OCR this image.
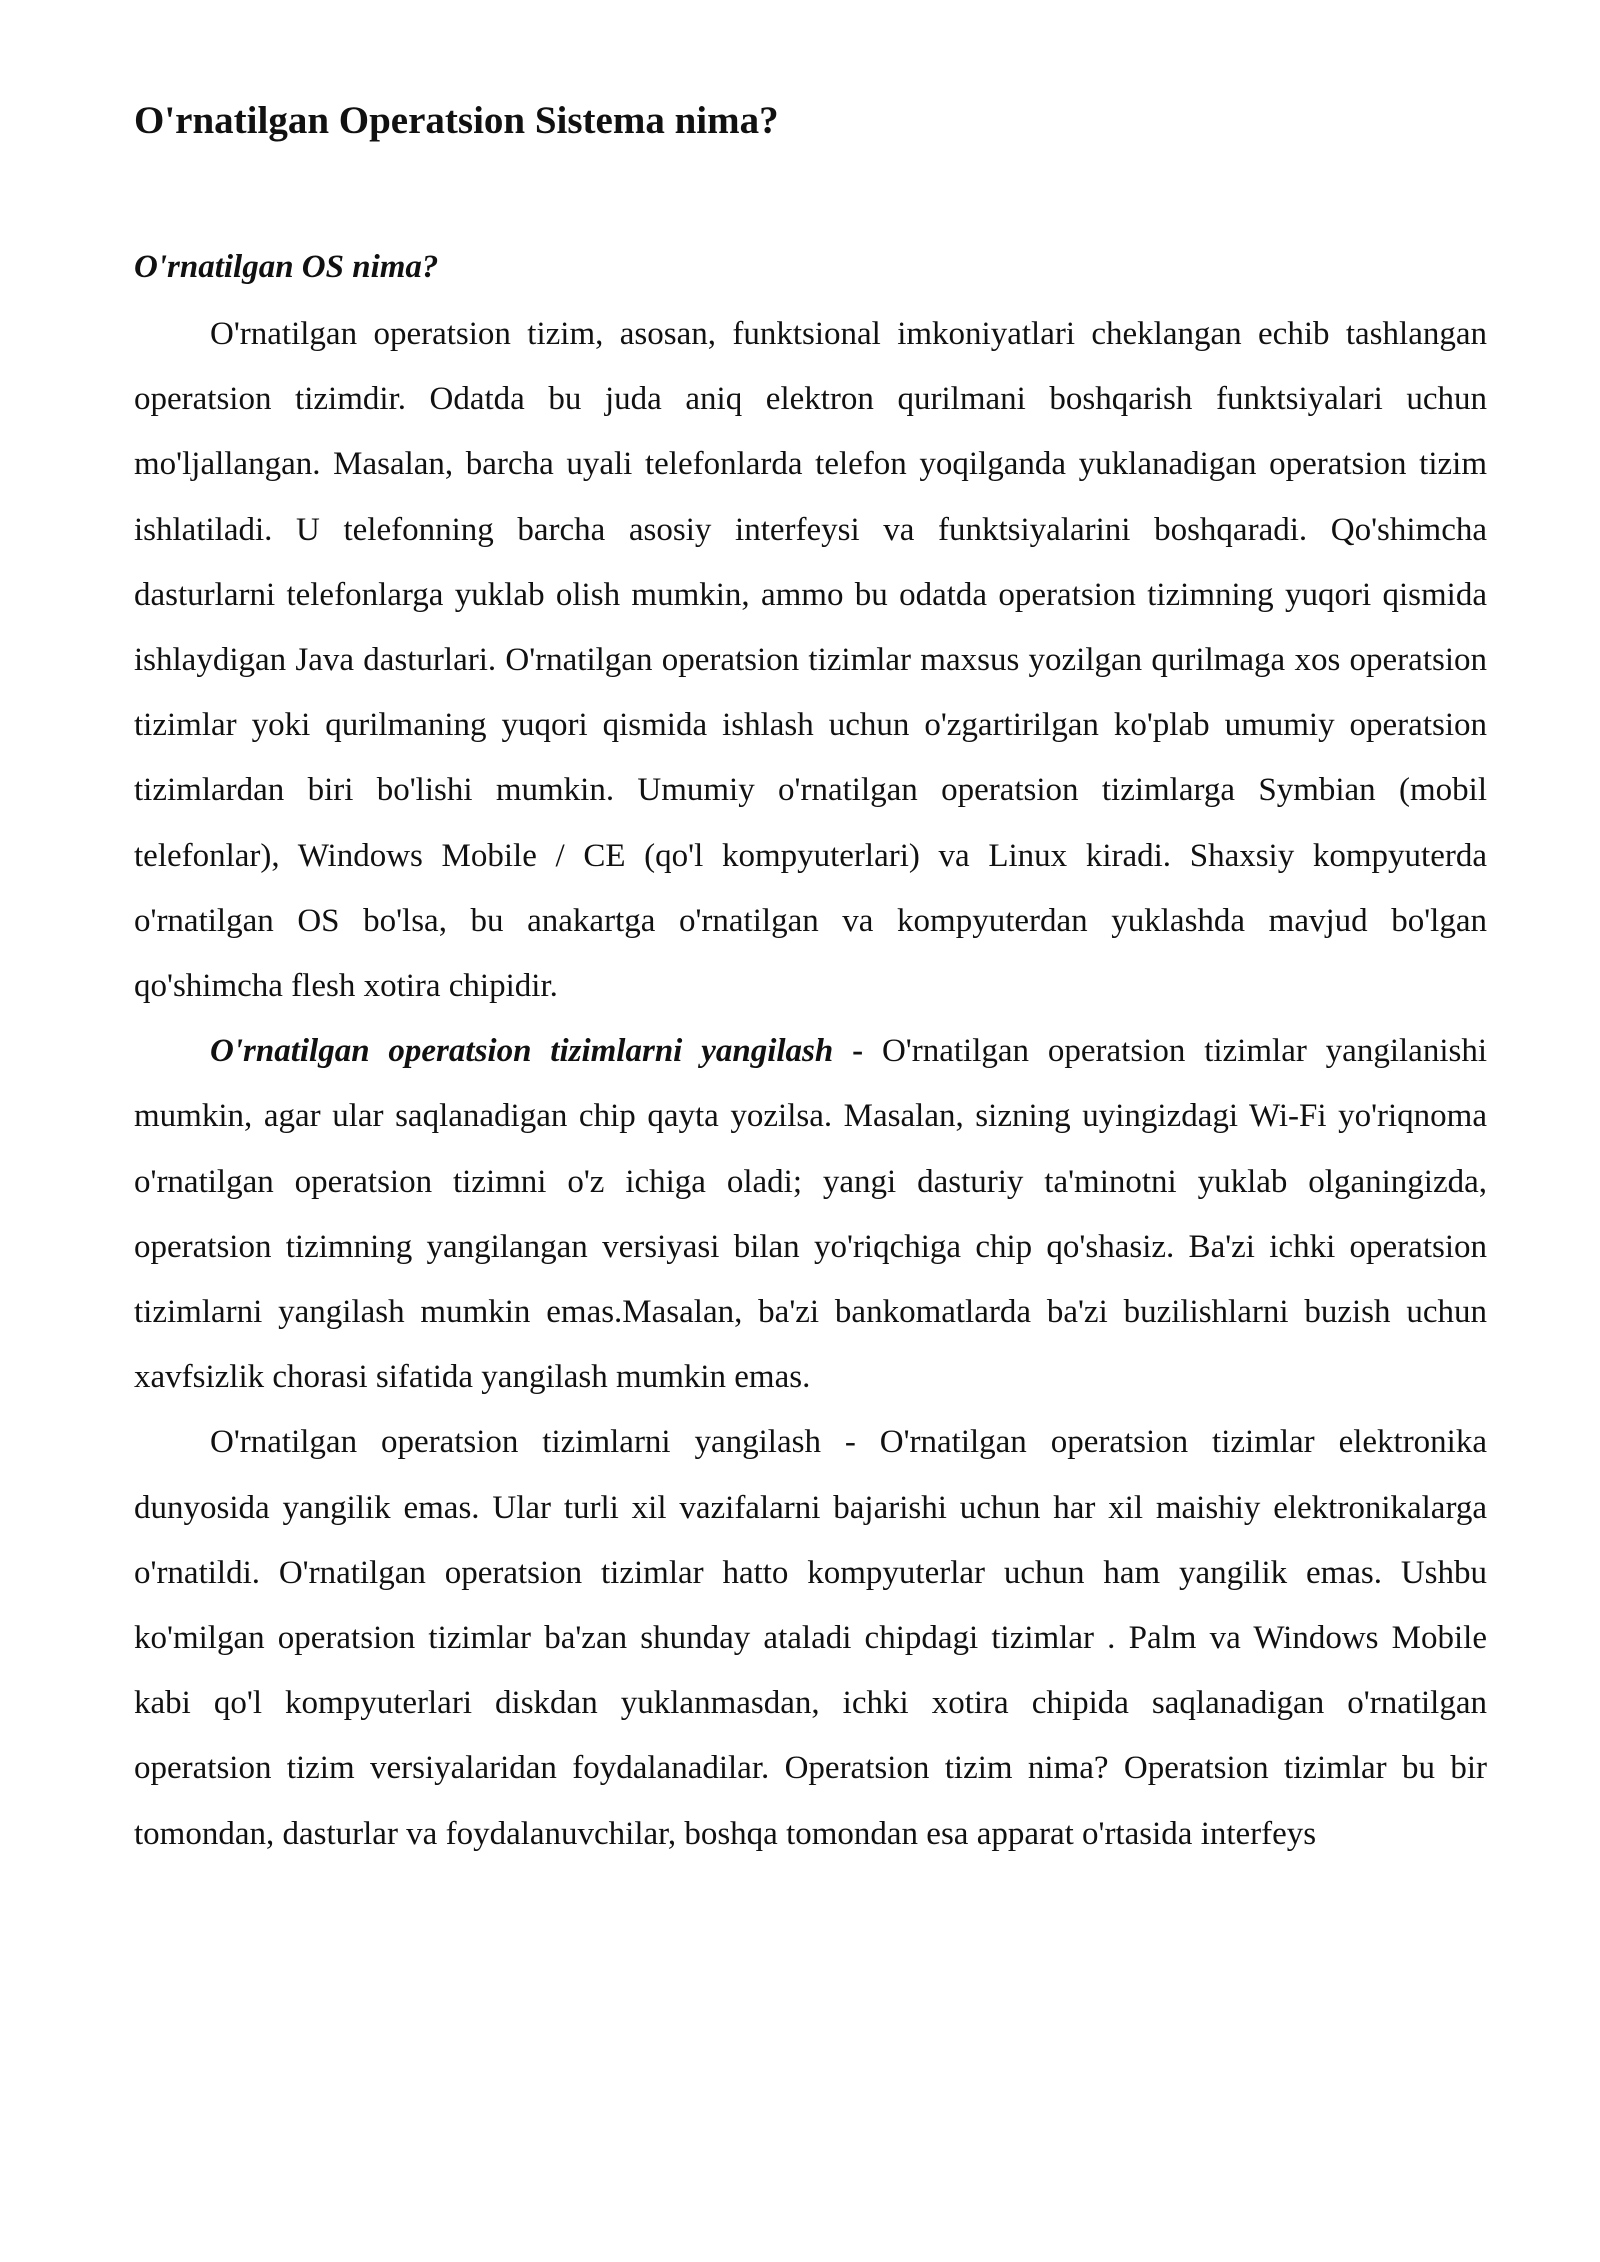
O'rnatilgan Operatsion Sistema nima?
O'rnatilgan OS nima?

O'rnatilgan operatsion tizim, asosan, funktsional imkoniyatlari cheklangan echib tashlangan operatsion tizimdir. Odatda bu juda aniq elektron qurilmani boshqarish funktsiyalari uchun mo'ljallangan. Masalan, barcha uyali telefonlarda telefon yoqilganda yuklanadigan operatsion tizim ishlatiladi. U telefonning barcha asosiy interfeysi va funktsiyalarini boshqaradi. Qo'shimcha dasturlarni telefonlarga yuklab olish mumkin, ammo bu odatda operatsion tizimning yuqori qismida ishlaydigan Java dasturlari. O'rnatilgan operatsion tizimlar maxsus yozilgan qurilmaga xos operatsion tizimlar yoki qurilmaning yuqori qismida ishlash uchun o'zgartirilgan ko'plab umumiy operatsion tizimlardan biri bo'lishi mumkin. Umumiy o'rnatilgan operatsion tizimlarga Symbian (mobil telefonlar), Windows Mobile / CE (qo'l kompyuterlari) va Linux kiradi. Shaxsiy kompyuterda o'rnatilgan OS bo'lsa, bu anakartga o'rnatilgan va kompyuterdan yuklashda mavjud bo'lgan qo'shimcha flesh xotira chipidir.

O'rnatilgan operatsion tizimlarni yangilash - O'rnatilgan operatsion tizimlar yangilanishi mumkin, agar ular saqlanadigan chip qayta yozilsa. Masalan, sizning uyingizdagi Wi-Fi yo'riqnoma o'rnatilgan operatsion tizimni o'z ichiga oladi; yangi dasturiy ta'minotni yuklab olganingizda, operatsion tizimning yangilangan versiyasi bilan yo'riqchiga chip qo'shasiz. Ba'zi ichki operatsion tizimlarni yangilash mumkin emas.Masalan, ba'zi bankomatlarda ba'zi buzilishlarni buzish uchun xavfsizlik chorasi sifatida yangilash mumkin emas.

O'rnatilgan operatsion tizimlarni yangilash - O'rnatilgan operatsion tizimlar elektronika dunyosida yangilik emas. Ular turli xil vazifalarni bajarishi uchun har xil maishiy elektronikalarga o'rnatildi. O'rnatilgan operatsion tizimlar hatto kompyuterlar uchun ham yangilik emas. Ushbu ko'milgan operatsion tizimlar ba'zan shunday ataladi chipdagi tizimlar . Palm va Windows Mobile kabi qo'l kompyuterlari diskdan yuklanmasdan, ichki xotira chipida saqlanadigan o'rnatilgan operatsion tizim versiyalaridan foydalanadilar. Operatsion tizim nima? Operatsion tizimlar bu bir tomondan, dasturlar va foydalanuvchilar, boshqa tomondan esa apparat o'rtasida interfeys
